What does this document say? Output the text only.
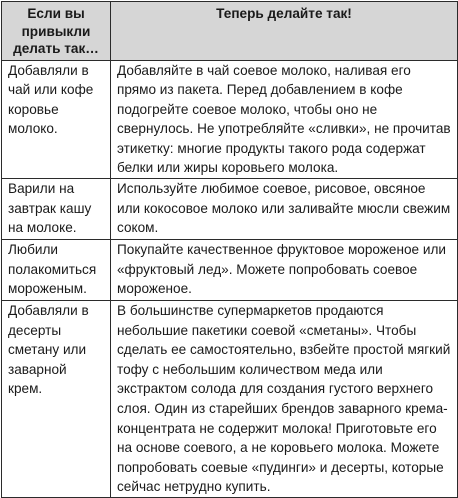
Если вы привыкли делать так…	Теперь делайте так!
Добавляли в чай или кофе коровье молоко.	Добавляйте в чай соевое молоко, наливая его прямо из пакета. Перед добавлением в кофе подогрейте соевое молоко, чтобы оно не свернулось. Не употребляйте «сливки», не прочитав этикетку: многие продукты такого рода содержат белки или жиры коровьего молока.
Варили на завтрак кашу на молоке.	Используйте любимое соевое, рисовое, овсяное или кокосовое молоко или заливайте мюсли свежим соком.
Любили полакомиться мороженым.	Покупайте качественное фруктовое мороженое или «фруктовый лед». Можете попробовать соевое мороженое.
Добавляли в десерты сметану или заварной крем.	В большинстве супермаркетов продаются небольшие пакетики соевой «сметаны». Чтобы сделать ее самостоятельно, взбейте простой мягкий тофу с небольшим количеством меда или экстрактом солода для создания густого верхнего слоя. Один из старейших брендов заварного крема-концентрата не содержит молока! Приготовьте его на основе соевого, а не коровьего молока. Можете попробовать соевые «пудинги» и десерты, которые сейчас нетрудно купить.
